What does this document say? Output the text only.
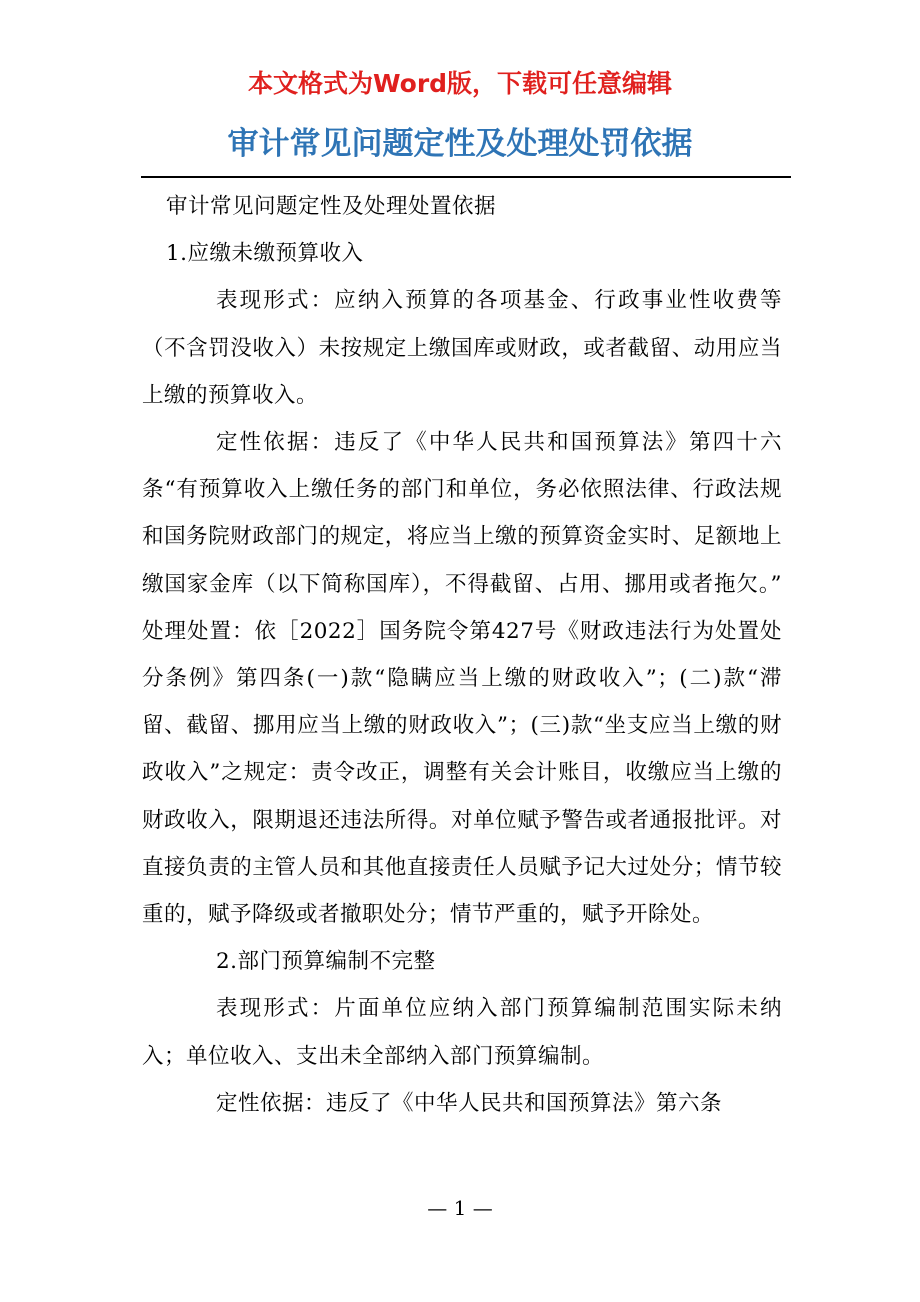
本文格式为Word版，下载可任意编辑
审计常见问题定性及处理处罚依据

审计常见问题定性及处理处置依据

1.应缴未缴预算收入

表现形式：应纳入预算的各项基金、行政事业性收费等（不含罚没收入）未按规定上缴国库或财政，或者截留、动用应当上缴的预算收入。

定性依据：违反了《中华人民共和国预算法》第四十六条“有预算收入上缴任务的部门和单位，务必依照法律、行政法规和国务院财政部门的规定，将应当上缴的预算资金实时、足额地上缴国家金库（以下简称国库），不得截留、占用、挪用或者拖欠。”　　　处理处置：依［2022］国务院令第427号《财政违法行为处置处分条例》第四条(一)款“隐瞒应当上缴的财政收入”；(二)款“滞留、截留、挪用应当上缴的财政收入”；(三)款“坐支应当上缴的财政收入”之规定：责令改正，调整有关会计账目，收缴应当上缴的财政收入，限期退还违法所得。对单位赋予警告或者通报批评。对直接负责的主管人员和其他直接责任人员赋予记大过处分；情节较重的，赋予降级或者撤职处分；情节严重的，赋予开除处。

2.部门预算编制不完整

表现形式：片面单位应纳入部门预算编制范围实际未纳入；单位收入、支出未全部纳入部门预算编制。

定性依据：违反了《中华人民共和国预算法》第六条

— 1 —
